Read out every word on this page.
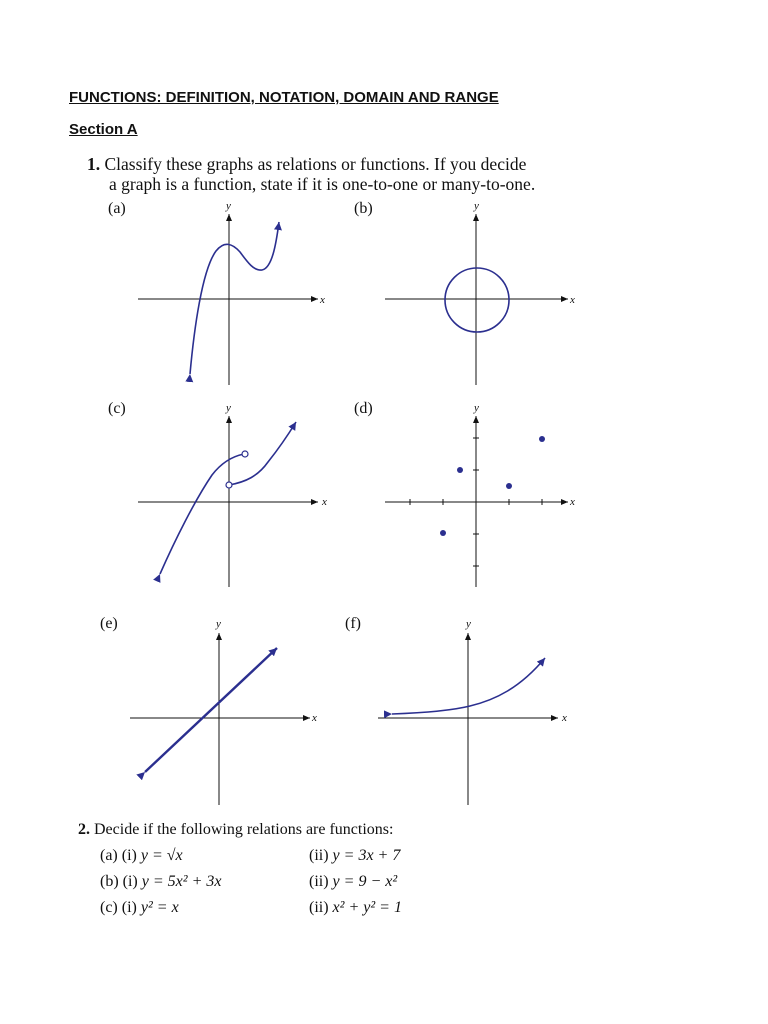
FUNCTIONS: DEFINITION, NOTATION, DOMAIN AND RANGE
Section A
1. Classify these graphs as relations or functions. If you decide
a graph is a function, state if it is one-to-one or many-to-one.
(a)	(b)
(c)	(d)
(e)	(f)
y
x
y
x
y
x
y
x
y
x
y
x
2. Decide if the following relations are functions:
(a) (i) y = √x	(ii) y = 3x + 7
(b) (i) y = 5x² + 3x	(ii) y = 9 − x²
(c) (i) y² = x	(ii) x² + y² = 1
